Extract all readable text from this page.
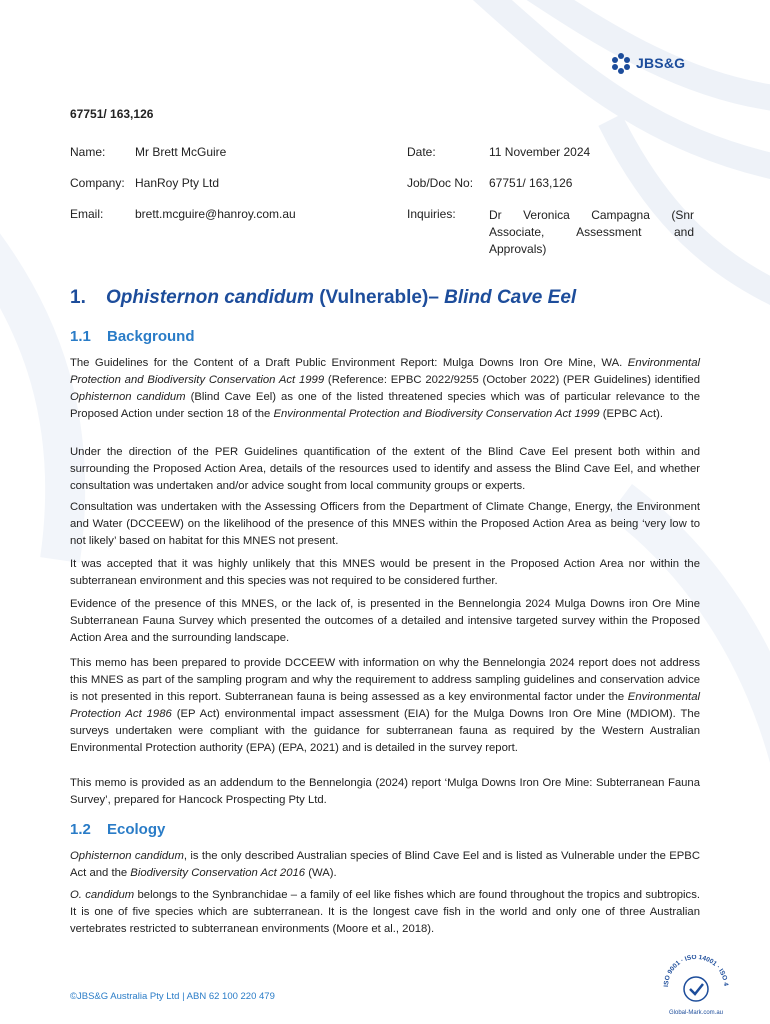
JBS&G
67751/ 163,126
Name: Mr Brett McGuire
Company: HanRoy Pty Ltd
Email:	brett.mcguire@hanroy.com.au
Date:	11 November 2024
Job/Doc No: 67751/ 163,126
Inquiries:	Dr Veronica Campagna (Snr
Associate, Assessment and
Approvals)
1. Ophisternon candidum (Vulnerable)– Blind Cave Eel
1.1 Background

The Guidelines for the Content of a Draft Public Environment Report: Mulga Downs Iron Ore Mine, WA. Environmental Protection and Biodiversity Conservation Act 1999 (Reference: EPBC 2022/9255 (October 2022) (PER Guidelines) identified Ophisternon candidum (Blind Cave Eel) as one of the listed threatened species which was of particular relevance to the Proposed Action under section 18 of the Environmental Protection and Biodiversity Conservation Act 1999 (EPBC Act).

Under the direction of the PER Guidelines quantification of the extent of the Blind Cave Eel present both within and surrounding the Proposed Action Area, details of the resources used to identify and assess the Blind Cave Eel, and whether consultation was undertaken and/or advice sought from local community groups or experts.

Consultation was undertaken with the Assessing Officers from the Department of Climate Change, Energy, the Environment and Water (DCCEEW) on the likelihood of the presence of this MNES within the Proposed Action Area as being ‘very low to not likely’ based on habitat for this MNES not present.

It was accepted that it was highly unlikely that this MNES would be present in the Proposed Action Area nor within the subterranean environment and this species was not required to be considered further.

Evidence of the presence of this MNES, or the lack of, is presented in the Bennelongia 2024 Mulga Downs iron Ore Mine Subterranean Fauna Survey which presented the outcomes of a detailed and intensive targeted survey within the Proposed Action Area and the surrounding landscape.

This memo has been prepared to provide DCCEEW with information on why the Bennelongia 2024 report does not address this MNES as part of the sampling program and why the requirement to address sampling guidelines and conservation advice is not presented in this report. Subterranean fauna is being assessed as a key environmental factor under the Environmental Protection Act 1986 (EP Act) environmental impact assessment (EIA) for the Mulga Downs Iron Ore Mine (MDIOM). The surveys undertaken were compliant with the guidance for subterranean fauna as required by the Western Australian Environmental Protection authority (EPA) (EPA, 2021) and is detailed in the survey report.

This memo is provided as an addendum to the Bennelongia (2024) report ‘Mulga Downs Iron Ore Mine: Subterranean Fauna Survey’, prepared for Hancock Prospecting Pty Ltd.

1.2 Ecology

Ophisternon candidum, is the only described Australian species of Blind Cave Eel and is listed as Vulnerable under the EPBC Act and the Biodiversity Conservation Act 2016 (WA).

O. candidum belongs to the Synbranchidae – a family of eel like fishes which are found throughout the tropics and subtropics. It is one of five species which are subterranean. It is the longest cave fish in the world and only one of three Australian vertebrates restricted to subterranean environments (Moore et al., 2018).

©JBS&G Australia Pty Ltd | ABN 62 100 220 479
ISO 9001 · ISO 14001 · ISO 4
Global-Mark.com.au
